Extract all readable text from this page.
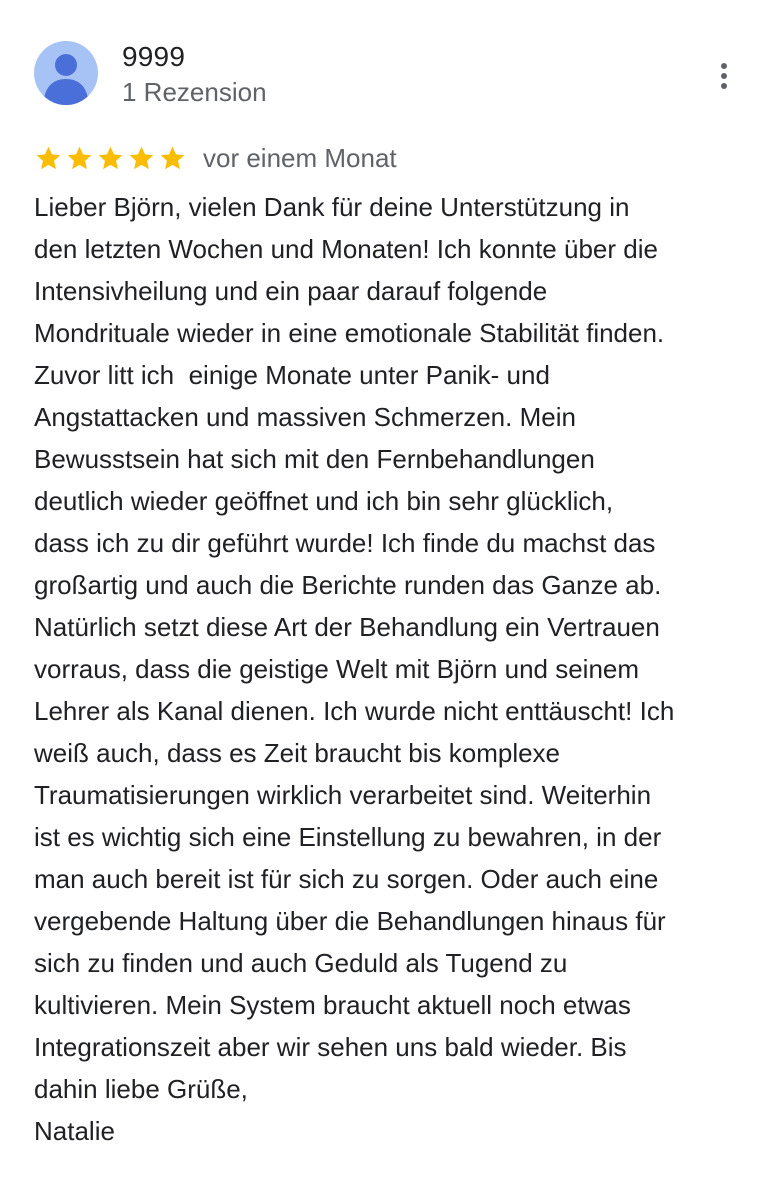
9999
1 Rezension
vor einem Monat
Lieber Björn, vielen Dank für deine Unterstützung in
den letzten Wochen und Monaten! Ich konnte über die
Intensivheilung und ein paar darauf folgende
Mondrituale wieder in eine emotionale Stabilität finden.
Zuvor litt ich  einige Monate unter Panik- und
Angstattacken und massiven Schmerzen. Mein
Bewusstsein hat sich mit den Fernbehandlungen
deutlich wieder geöffnet und ich bin sehr glücklich,
dass ich zu dir geführt wurde! Ich finde du machst das
großartig und auch die Berichte runden das Ganze ab.
Natürlich setzt diese Art der Behandlung ein Vertrauen
vorraus, dass die geistige Welt mit Björn und seinem
Lehrer als Kanal dienen. Ich wurde nicht enttäuscht! Ich
weiß auch, dass es Zeit braucht bis komplexe
Traumatisierungen wirklich verarbeitet sind. Weiterhin
ist es wichtig sich eine Einstellung zu bewahren, in der
man auch bereit ist für sich zu sorgen. Oder auch eine
vergebende Haltung über die Behandlungen hinaus für
sich zu finden und auch Geduld als Tugend zu
kultivieren. Mein System braucht aktuell noch etwas
Integrationszeit aber wir sehen uns bald wieder. Bis
dahin liebe Grüße,
Natalie
